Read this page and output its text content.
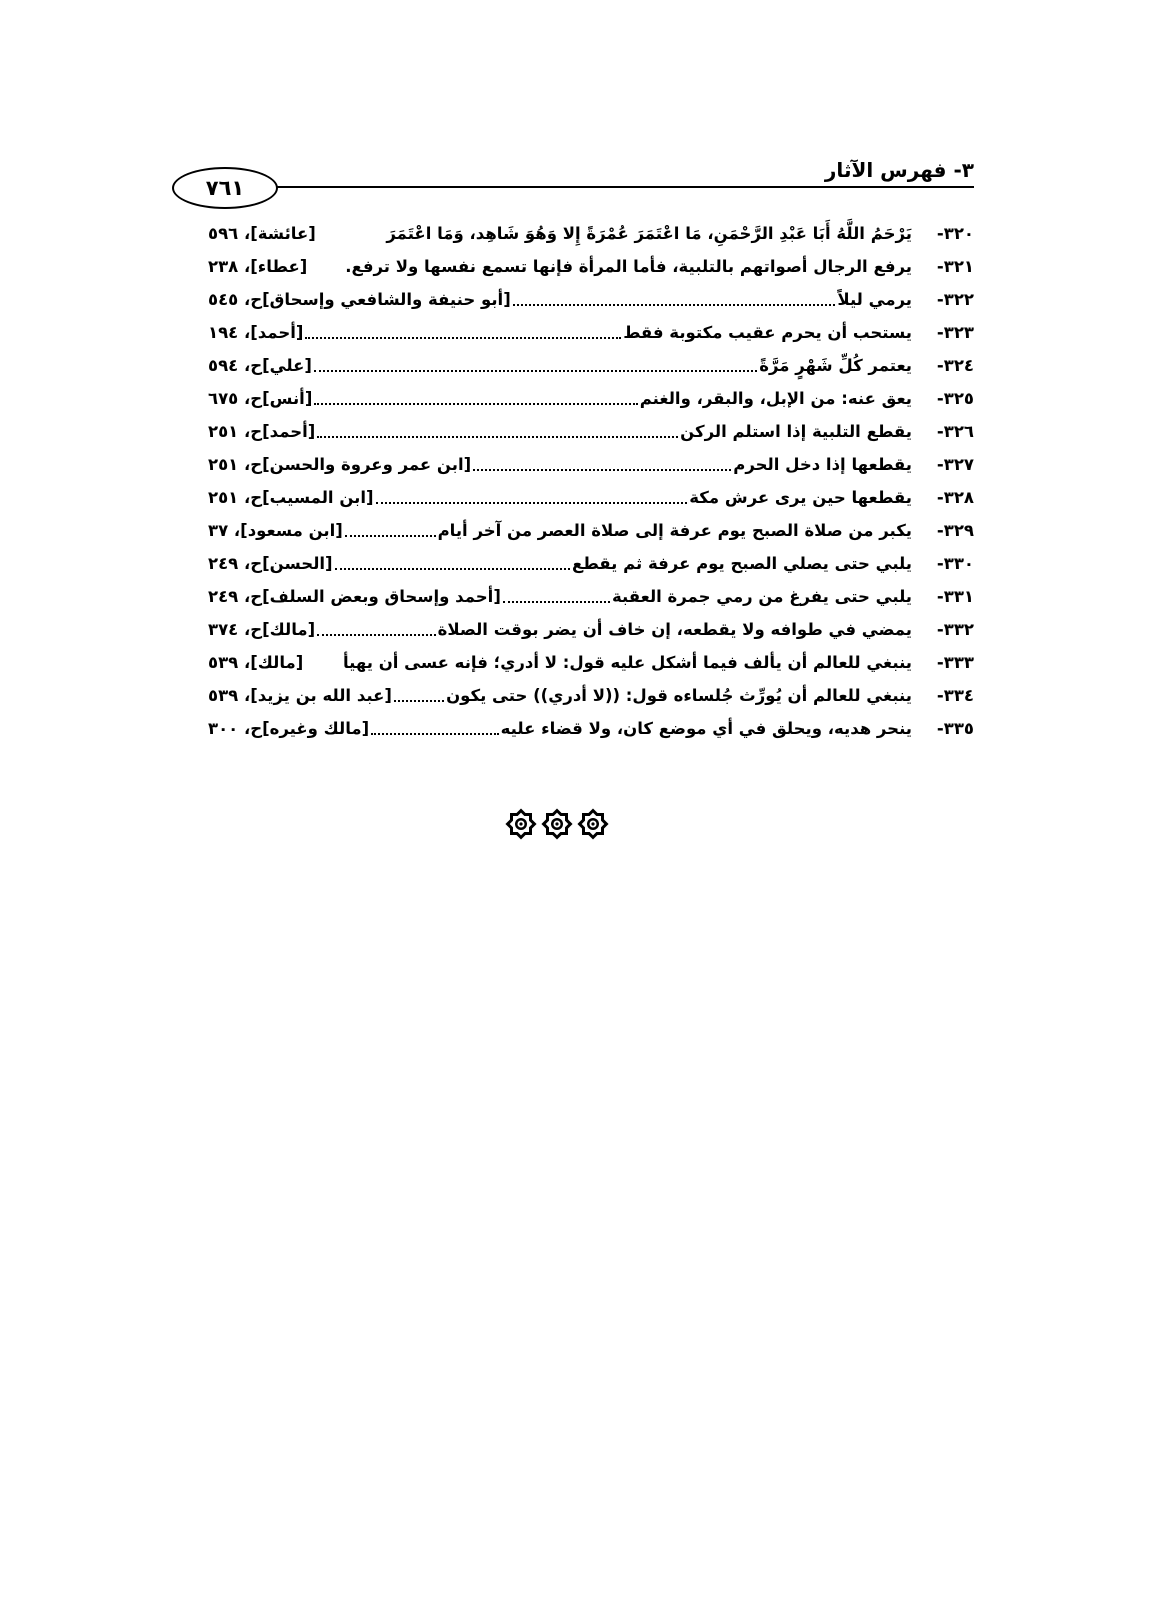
٣- فهرس الآثار
٧٦١
٣٢٠-
يَرْحَمُ اللَّهُ أَبَا عَبْدِ الرَّحْمَنِ، مَا اعْتَمَرَ عُمْرَةً إِلا وَهُوَ شَاهِد، وَمَا اعْتَمَرَ
[عائشة]، ٥٩٦
٣٢١-
يرفع الرجال أصواتهم بالتلبية، فأما المرأة فإنها تسمع نفسها ولا ترفع.
[عطاء]، ٢٣٨
٣٢٢-
يرمي ليلاً
[أبو حنيفة والشافعي وإسحاق]ح، ٥٤٥
٣٢٣-
يستحب أن يحرم عقيب مكتوبة فقط
[أحمد]، ١٩٤
٣٢٤-
يعتمر كُلِّ شَهْرٍ مَرَّةً
[علي]ح، ٥٩٤
٣٢٥-
يعق عنه: من الإبل، والبقر، والغنم
[أنس]ح، ٦٧٥
٣٢٦-
يقطع التلبية إذا استلم الركن
[أحمد]ح، ٢٥١
٣٢٧-
يقطعها إذا دخل الحرم
[ابن عمر وعروة والحسن]ح، ٢٥١
٣٢٨-
يقطعها حين يرى عرش مكة
[ابن المسيب]ح، ٢٥١
٣٢٩-
يكبر من صلاة الصبح يوم عرفة إلى صلاة العصر من آخر أيام
[ابن مسعود]، ٣٧
٣٣٠-
يلبي حتى يصلي الصبح يوم عرفة ثم يقطع
[الحسن]ح، ٢٤٩
٣٣١-
يلبي حتى يفرغ من رمي جمرة العقبة
[أحمد وإسحاق وبعض السلف]ح، ٢٤٩
٣٣٢-
يمضي في طوافه ولا يقطعه، إن خاف أن يضر بوقت الصلاة
[مالك]ح، ٣٧٤
٣٣٣-
ينبغي للعالم أن يألف فيما أشكل عليه قول: لا أدري؛ فإنه عسى أن يهيأ
[مالك]، ٥٣٩
٣٣٤-
ينبغي للعالم أن يُورِّث جُلساءه قول: ((لا أدري)) حتى يكون
[عبد الله بن يزيد]، ٥٣٩
٣٣٥-
ينحر هديه، ويحلق في أي موضع كان، ولا قضاء عليه
[مالك وغيره]ح، ٣٠٠
